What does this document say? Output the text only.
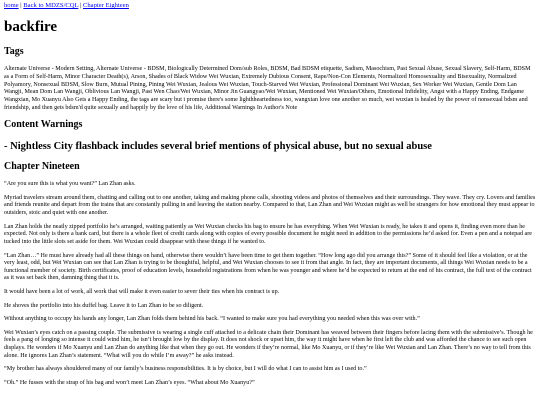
home | Back to MDZS/CQL | Chapter Eighteen
backfire
Tags

Alternate Universe - Modern Setting, Alternate Universe - BDSM, Biologically Determined Dom/sub Roles, BDSM, Bad BDSM etiquette, Sadism, Masochism, Past Sexual Abuse, Sexual Slavery, Self-Harm, BDSM as a Form of Self-Harm, Minor Character Death(s), Arson, Shades of Black Widow Wei Wuxian, Extremely Dubious Consent, Rape/Non-Con Elements, Normalized Homosexuality and Bisexuality, Normalized Polyamory, Nonsexual BDSM, Slow Burn, Mutual Pining, Pining Wei Wuxian, Jealous Wei Wuxian, Touch-Starved Wei Wuxian, Professional Dominant Wei Wuxian, Sex Worker Wei Wuxian, Gentle Dom Lan Wangji, Mean Dom Lan Wangji, Oblivious Lan Wangji, Past Wen Chao/Wei Wuxian, Minor Jin Guangyao/Wei Wuxian, Mentioned Wei Wuxian/Others, Emotional Infidelity, Angst with a Happy Ending, Endgame Wangxian, Mo Xuanyu Also Gets a Happy Ending, the tags are scary but i promise there's some lighthheartedness too, wangxian love one another so much, wei wuxian is healed by the power of nonsexual bdsm and friendship, and then gets bdsm'd quite sexually and happily by the love of his life, Additional Warnings In Author's Note

Content Warnings
- Nightless City flashback includes several brief mentions of physical abuse, but no sexual abuse
Chapter Nineteen

“Are you sure this is what you want?” Lan Zhan asks.

Myriad travelers stream around them, chatting and calling out to one another, taking and making phone calls, shooting videos and photos of themselves and their surroundings. They wave. They cry. Lovers and families and friends reunite and depart from the trains that are constantly pulling in and leaving the station nearby. Compared to that, Lan Zhan and Wei Wuxian might as well be strangers for how emotional they must appear to outsiders, stoic and quiet with one another.

Lan Zhan holds the neatly zipped portfolio he’s arranged, waiting patiently as Wei Wuxian checks his bag to ensure he has everything. When Wei Wuxian is ready, he takes it and opens it, finding even more than he expected. Not only is there a bank card, but there is a whole fleet of credit cards along with copies of every possible document he might need in addition to the permissions he’d asked for. Even a pen and a notepad are tucked into the little slots set aside for them. Wei Wuxian could disappear with these things if he wanted to.

“Lan Zhan…” He must have already had all these things on hand, otherwise there wouldn’t have been time to get them together. “How long ago did you arrange this?” Some of it should feel like a violation, or at the very least, odd, but Wei Wuxian can see that Lan Zhan is trying to be thoughtful, helpful, and Wei Wuxian chooses to see it from that angle. In fact, they are important documents, all things Wei Wuxian needs to be a functional member of society. Birth certificates, proof of education levels, household registrations from when he was younger and where he’d be expected to return at the end of his contract, the full text of the contract as it was set back then, damning thing that it is.

It would have been a lot of work, all work that will make it even easier to sever their ties when his contract is up.

He shoves the portfolio into his duffel bag. Leave it to Lan Zhan to be so diligent.

Without anything to occupy his hands any longer, Lan Zhan folds them behind his back. “I wanted to make sure you had everything you needed when this was over with.”

Wei Wuxian’s eyes catch on a passing couple. The submissive is wearing a single cuff attached to a delicate chain their Dominant has weaved between their fingers before lacing them with the submissive’s. Though he feels a pang of longing so intense it could wind him, he isn’t brought low by the display. It does not shock or upset him, the way it might have when he first left the club and was afforded the chance to see such open displays. He wonders if Mo Xuanyu and Lan Zhan do anything like that when they go out. He wonders if they’re normal, like Mo Xuanyu, or if they’re like Wei Wuxian and Lan Zhan. There’s no way to tell from this alone. He ignores Lan Zhan’s statement. “What will you do while I’m away?” he asks instead.

“My brother has always shouldered many of our family’s business responsibilities. It is by choice, but I will do what I can to assist him as I used to.”

“Oh.” He fusses with the strap of his bag and won’t meet Lan Zhan’s eyes. “What about Mo Xuanyu?”
